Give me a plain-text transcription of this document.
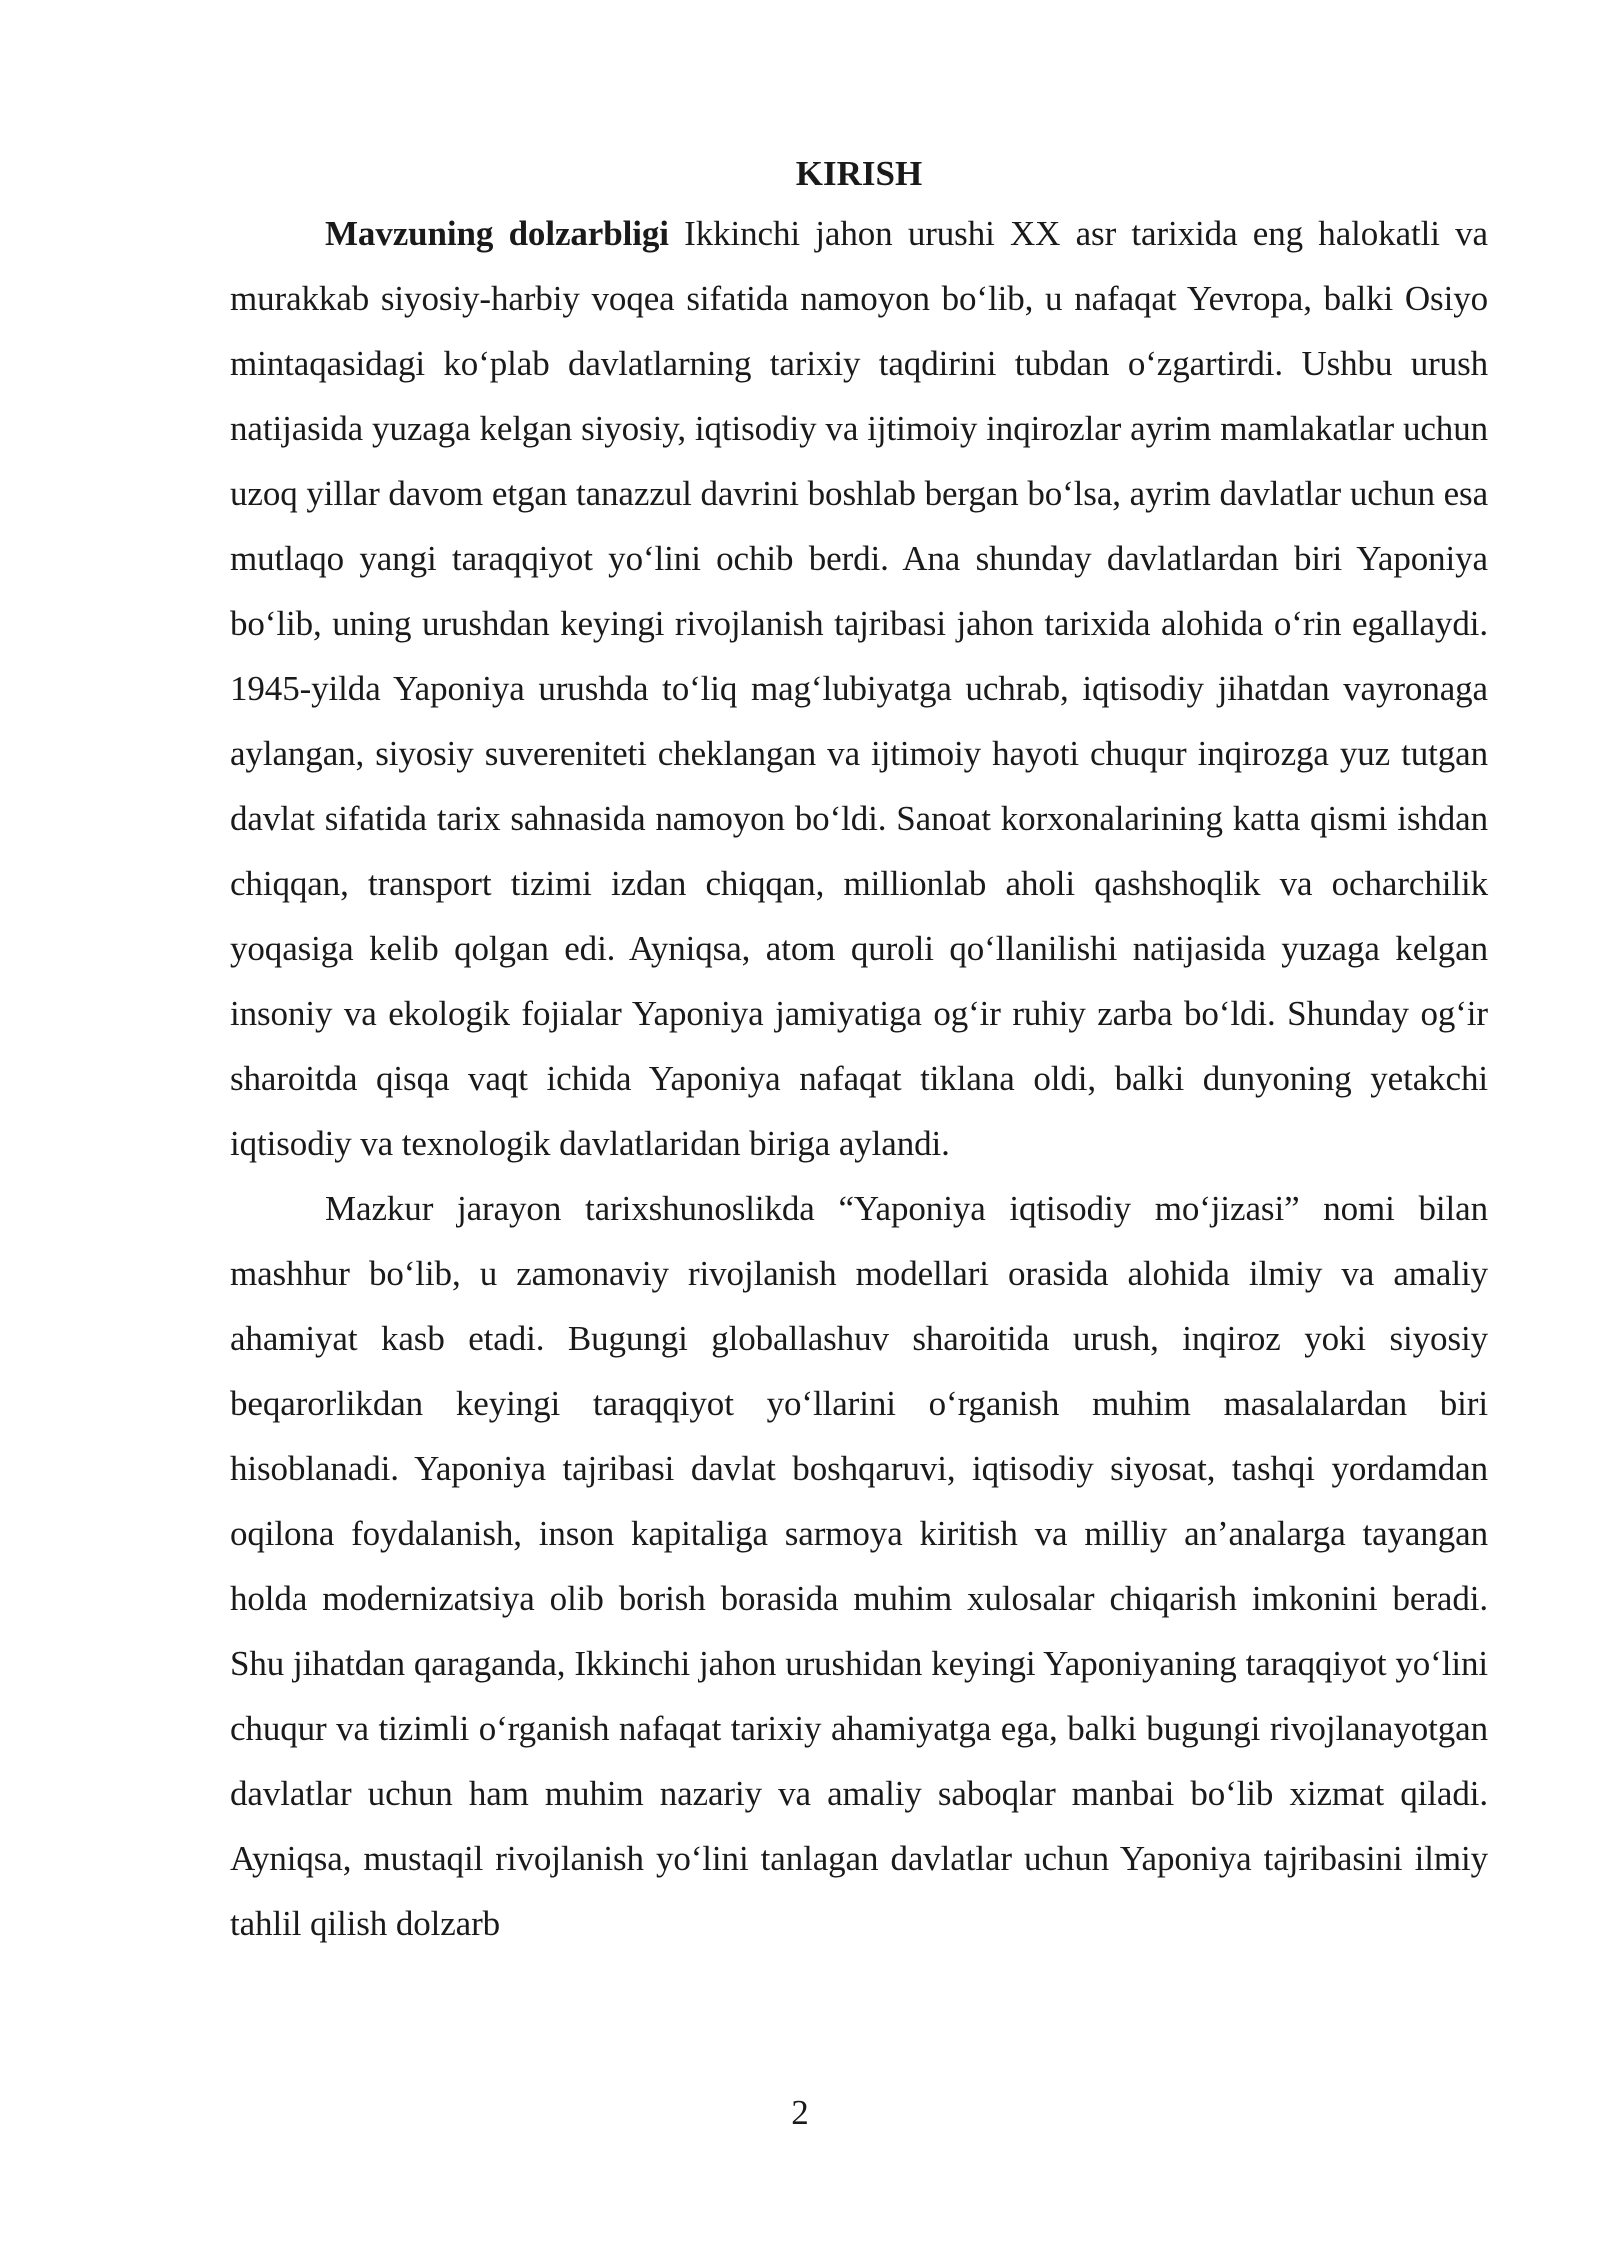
KIRISH

Mavzuning dolzarbligi Ikkinchi jahon urushi XX asr tarixida eng halokatli va murakkab siyosiy-harbiy voqea sifatida namoyon bo‘lib, u nafaqat Yevropa, balki Osiyo mintaqasidagi ko‘plab davlatlarning tarixiy taqdirini tubdan o‘zgartirdi. Ushbu urush natijasida yuzaga kelgan siyosiy, iqtisodiy va ijtimoiy inqirozlar ayrim mamlakatlar uchun uzoq yillar davom etgan tanazzul davrini boshlab bergan bo‘lsa, ayrim davlatlar uchun esa mutlaqo yangi taraqqiyot yo‘lini ochib berdi. Ana shunday davlatlardan biri Yaponiya bo‘lib, uning urushdan keyingi rivojlanish tajribasi jahon tarixida alohida o‘rin egallaydi. 1945-yilda Yaponiya urushda to‘liq mag‘lubiyatga uchrab, iqtisodiy jihatdan vayronaga aylangan, siyosiy suvereniteti cheklangan va ijtimoiy hayoti chuqur inqirozga yuz tutgan davlat sifatida tarix sahnasida namoyon bo‘ldi. Sanoat korxonalarining katta qismi ishdan chiqqan, transport tizimi izdan chiqqan, millionlab aholi qashshoqlik va ocharchilik yoqasiga kelib qolgan edi. Ayniqsa, atom quroli qo‘llanilishi natijasida yuzaga kelgan insoniy va ekologik fojialar Yaponiya jamiyatiga og‘ir ruhiy zarba bo‘ldi. Shunday og‘ir sharoitda qisqa vaqt ichida Yaponiya nafaqat tiklana oldi, balki dunyoning yetakchi iqtisodiy va texnologik davlatlaridan biriga aylandi.

Mazkur jarayon tarixshunoslikda “Yaponiya iqtisodiy mo‘jizasi” nomi bilan mashhur bo‘lib, u zamonaviy rivojlanish modellari orasida alohida ilmiy va amaliy ahamiyat kasb etadi. Bugungi globallashuv sharoitida urush, inqiroz yoki siyosiy beqarorlikdan keyingi taraqqiyot yo‘llarini o‘rganish muhim masalalardan biri hisoblanadi. Yaponiya tajribasi davlat boshqaruvi, iqtisodiy siyosat, tashqi yordamdan oqilona foydalanish, inson kapitaliga sarmoya kiritish va milliy an’analarga tayangan holda modernizatsiya olib borish borasida muhim xulosalar chiqarish imkonini beradi. Shu jihatdan qaraganda, Ikkinchi jahon urushidan keyingi Yaponiyaning taraqqiyot yo‘lini chuqur va tizimli o‘rganish nafaqat tarixiy ahamiyatga ega, balki bugungi rivojlanayotgan davlatlar uchun ham muhim nazariy va amaliy saboqlar manbai bo‘lib xizmat qiladi. Ayniqsa, mustaqil rivojlanish yo‘lini tanlagan davlatlar uchun Yaponiya tajribasini ilmiy tahlil qilish dolzarb

2
